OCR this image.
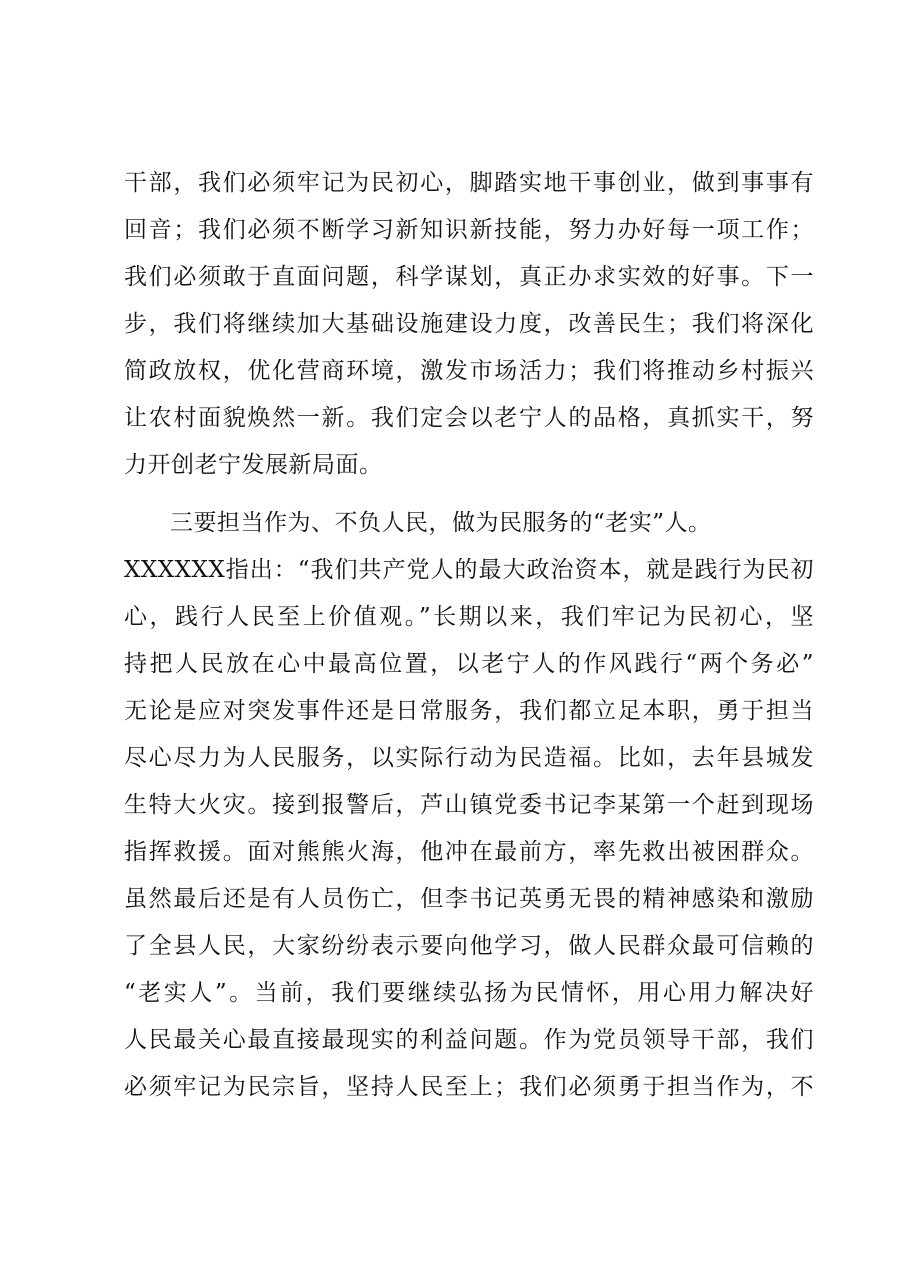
干部，我们必须牢记为民初心，脚踏实地干事创业，做到事事有
回音；我们必须不断学习新知识新技能，努力办好每一项工作；
我们必须敢于直面问题，科学谋划，真正办求实效的好事。下一
步，我们将继续加大基础设施建设力度，改善民生；我们将深化
简政放权，优化营商环境，激发市场活力；我们将推动乡村振兴
让农村面貌焕然一新。我们定会以老宁人的品格，真抓实干，努
力开创老宁发展新局面。
三要担当作为、不负人民，做为民服务的“老实”人。
XXXXXX指出：“我们共产党人的最大政治资本，就是践行为民初
心，践行人民至上价值观。”长期以来，我们牢记为民初心，坚
持把人民放在心中最高位置，以老宁人的作风践行“两个务必”
无论是应对突发事件还是日常服务，我们都立足本职，勇于担当
尽心尽力为人民服务，以实际行动为民造福。比如，去年县城发
生特大火灾。接到报警后，芦山镇党委书记李某第一个赶到现场
指挥救援。面对熊熊火海，他冲在最前方，率先救出被困群众。
虽然最后还是有人员伤亡，但李书记英勇无畏的精神感染和激励
了全县人民，大家纷纷表示要向他学习，做人民群众最可信赖的
“老实人”。当前，我们要继续弘扬为民情怀，用心用力解决好
人民最关心最直接最现实的利益问题。作为党员领导干部，我们
必须牢记为民宗旨，坚持人民至上；我们必须勇于担当作为，不
